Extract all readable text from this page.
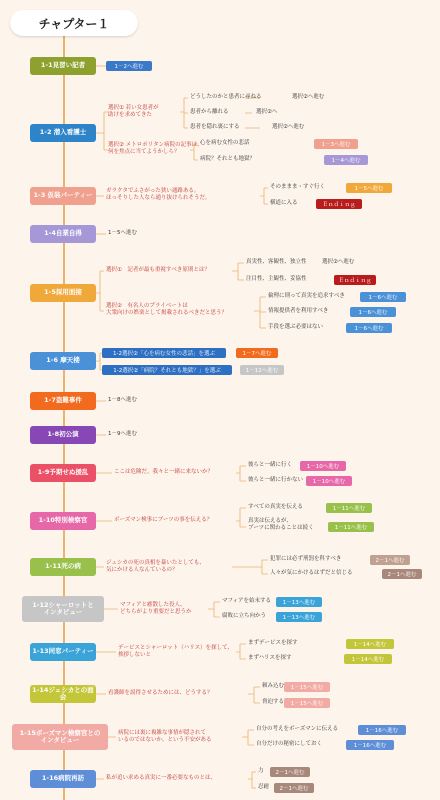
チャプター１
1-1見習い記者	1－2へ進む
1-2 潜入看護士
選択① 若い女患者が
助けを求めてきた
どうしたのかと患者に尋ねる
患者から離れる
患者を隠れ裏にする
選択②へ進む
選択②へ
選択②へ進む
選択② メトロポリタン病院の記事は、
何を焦点に当てようかしら？
心を病む女性の悲話
病院？それとも地獄？
1－3へ進む
1－4へ進む
1-3 仮装パーティー
ガラクタでふさがった狭い通路ある。
ほっそりした人なら通り抜けられそうだ。
そのままま・すぐ行く
横道に入る
1－5へ進む
Ｅｎｄｉｎｇ
1-4自業自得	1－5へ進む
1-5採用面接
選択①　記者が最も重視すべき原則とは？
真実性、客観性、独立性
注目性、主観性、妥協性
選択②へ進む
Ｅｎｄｉｎｇ
選択②　有名人のプライベートは
大衆向けの娯楽として掲載されるべきだと思う？
倫理に則って真実を追求すべき
情報提供者を利用すべき
手段を選ぶ必要はない
1－6へ進む
1－6へ進む
1－6へ進む
1-6 摩天楼
1-2選択②「心を病む女性の悲話」を選ぶ
1-2選択②「病院？それとも地獄？」を選ぶ
1－7へ進む
1－12へ進む
1-7盗難事件	1－8へ進む
1-8初公演	1－9へ進む
1-9予期せぬ援乱	ここは危険だ。我々と一緒に来ないか？
彼らと一緒に行く
彼らと一緒に行かない
1－10へ進む
1－10へ進む
1-10特別検察官	ボーズマン検事にブーツの事を伝える？
すべての真実を伝える
真実は伝えるが、
ブーツに関わることは続く
1－11へ進む
1－11へ進む
1-11死の病	ジェシカの死の真相を暴いたとしても、
気にかける人なんているの？
犯罪には必ず刑罰を科すべき
人々が気にかけるはずだと信じる
2－1へ進む
2－1へ進む
1-12シャーロットと
インタビュー
マフィアと癒散した役人、
どちらがより重要だと思うか
マフィアを始末する
腐敗に立ち向かう
1－13へ進む
1－13へ進む
1-13同窓パーティー	デービスとシャーロット（ハリス）を探して、
挨拶しないと
まずデービスを探す
まずハリスを探す
1－14へ進む
1－14へ進む
1-14ジェシカとの面会	看護師を説得させるためには、どうする？
頼み込む
脅迫する
1－15へ進む
1－15へ進む
1-15ボーズマン検察官との
インタビュー
病院には裏に複雑な事情が隠されて
いるのではないか、という不安がある
自分の考えをボーズマンに伝える
自分だけの秘密にしておく
1－16へ進む
1－16へ進む
1-16病院再訪	私が追い求める真実に一番必要なものとは、
力
忍耐
2－1へ進む
2－1へ進む
